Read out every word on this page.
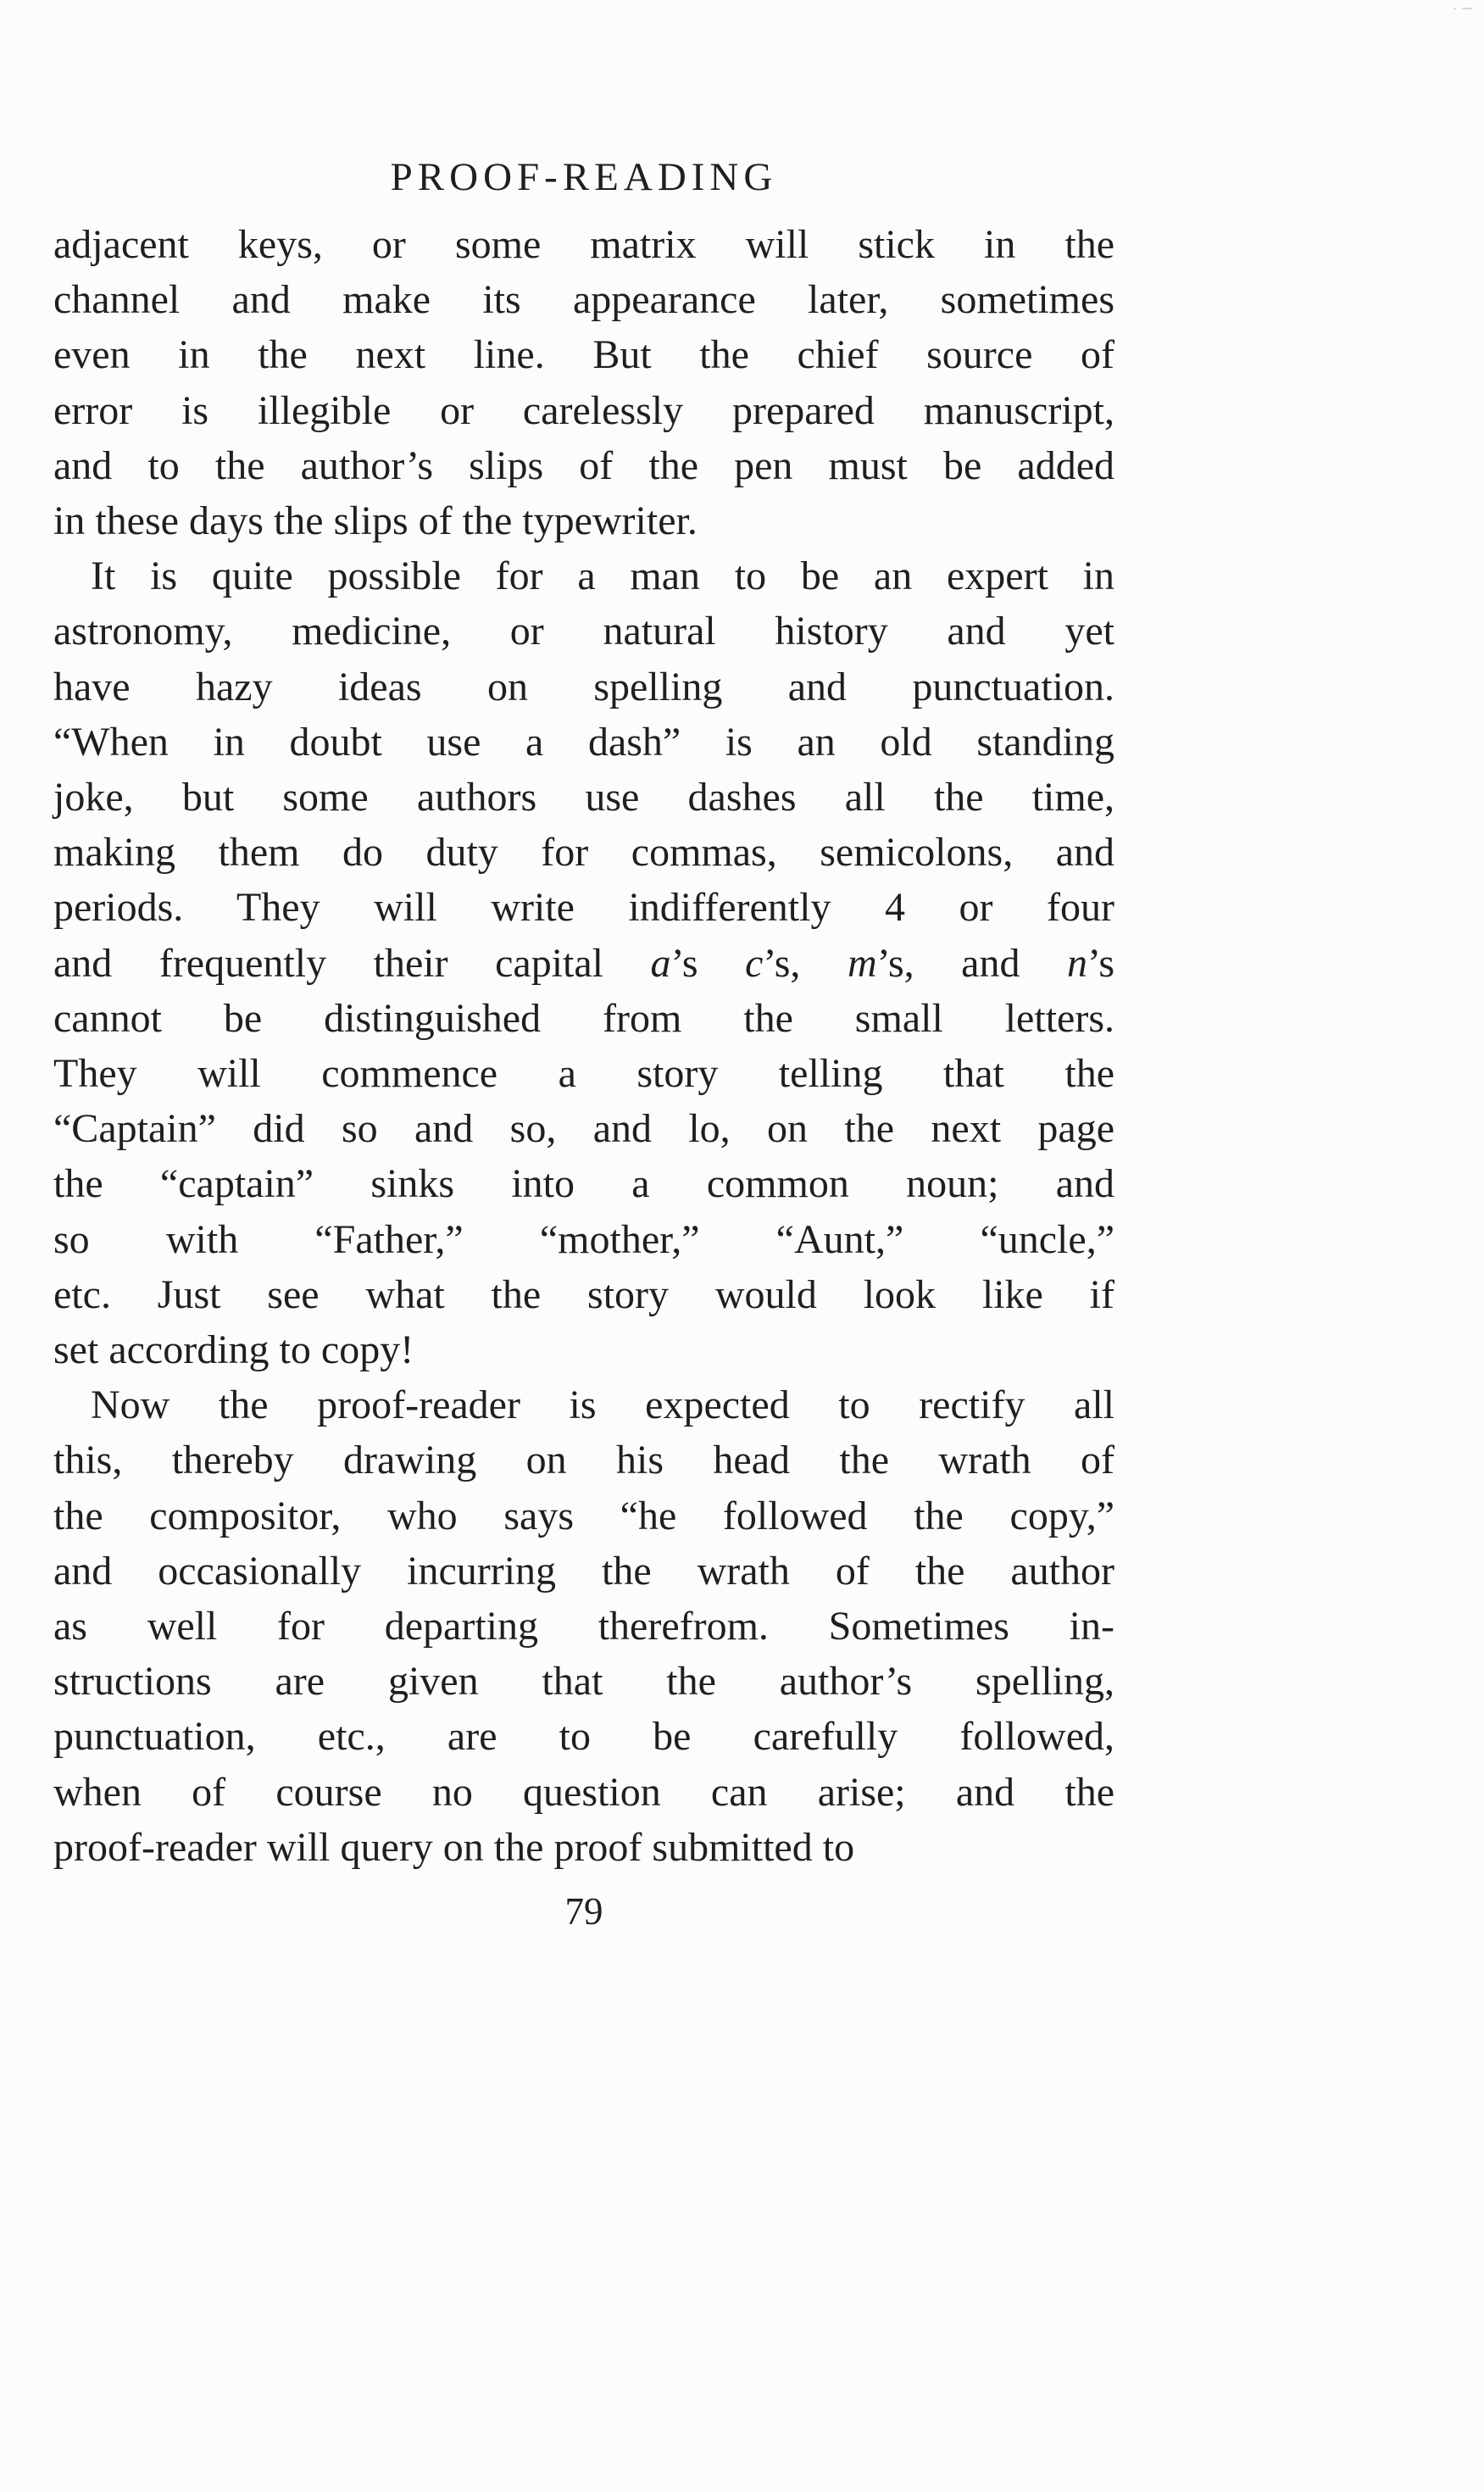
PROOF-READING
adjacent keys, or some matrix will stick in the
channel and make its appearance later, sometimes
even in the next line. But the chief source of
error is illegible or carelessly prepared manuscript,
and to the author’s slips of the pen must be added
in these days the slips of the typewriter.
It is quite possible for a man to be an expert in
astronomy, medicine, or natural history and yet
have hazy ideas on spelling and punctuation.
“When in doubt use a dash” is an old standing
joke, but some authors use dashes all the time,
making them do duty for commas, semicolons, and
periods. They will write indifferently 4 or four
and frequently their capital a’s c’s, m’s, and n’s
cannot be distinguished from the small letters.
They will commence a story telling that the
“Captain” did so and so, and lo, on the next page
the “captain” sinks into a common noun; and
so with “Father,” “mother,” “Aunt,” “uncle,”
etc. Just see what the story would look like if
set according to copy!
Now the proof-reader is expected to rectify all
this, thereby drawing on his head the wrath of
the compositor, who says “he followed the copy,”
and occasionally incurring the wrath of the author
as well for departing therefrom. Sometimes in-
structions are given that the author’s spelling,
punctuation, etc., are to be carefully followed,
when of course no question can arise; and the
proof-reader will query on the proof submitted to
79
